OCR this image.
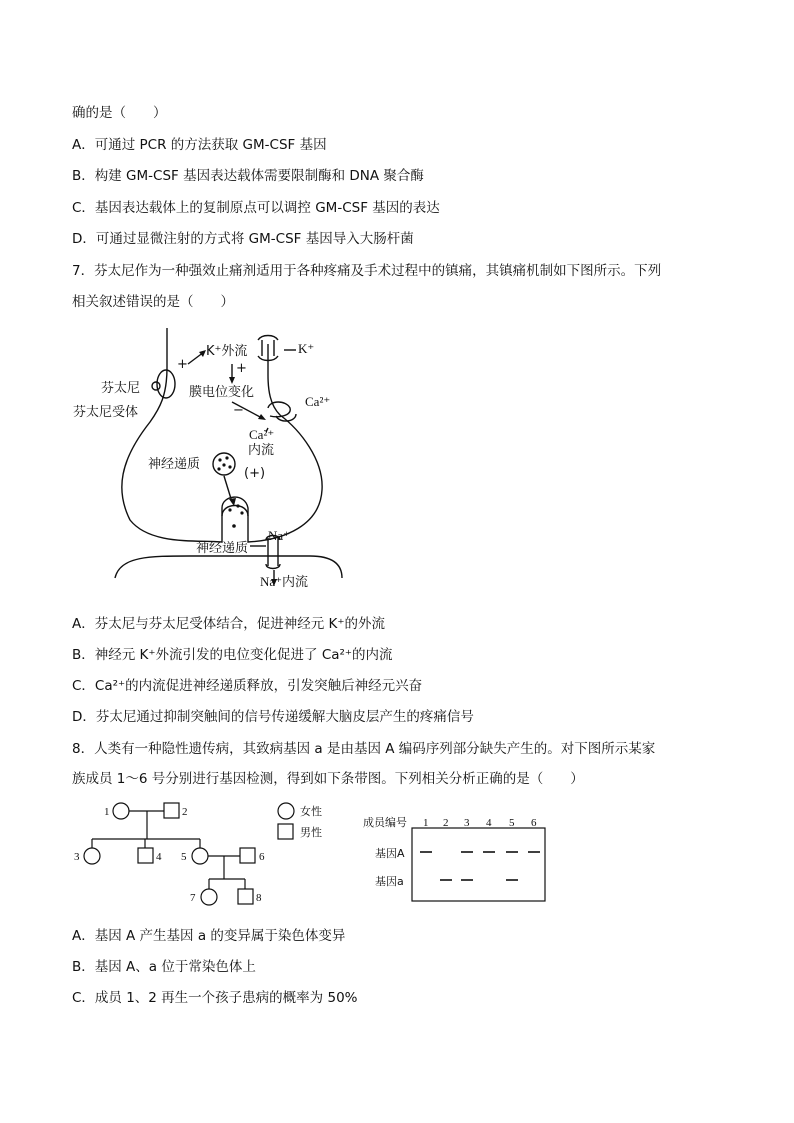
确的是（　　）
A．可通过 PCR 的方法获取 GM-CSF 基因
B．构建 GM-CSF 基因表达载体需要限制酶和 DNA 聚合酶
C．基因表达载体上的复制原点可以调控 GM-CSF 基因的表达
D．可通过显微注射的方式将 GM-CSF 基因导入大肠杆菌
7．芬太尼作为一种强效止痛剂适用于各种疼痛及手术过程中的镇痛，其镇痛机制如下图所示。下列
相关叙述错误的是（　　）
K⁺外流
+	+
K⁺
芬太尼
芬太尼受体
膜电位变化
−
Ca²⁺
Ca²⁺
内流
神经递质
(+)
神经递质
Na⁺
Na⁺内流
A．芬太尼与芬太尼受体结合，促进神经元 K⁺的外流
B．神经元 K⁺外流引发的电位变化促进了 Ca²⁺的内流
C．Ca²⁺的内流促进神经递质释放，引发突触后神经元兴奋
D．芬太尼通过抑制突触间的信号传递缓解大脑皮层产生的疼痛信号
8．人类有一种隐性遗传病，其致病基因 a 是由基因 A 编码序列部分缺失产生的。对下图所示某家
族成员 1～6 号分别进行基因检测，得到如下条带图。下列相关分析正确的是（　　）
1	2
3	4 5	6
7	8
女性
男性
成员编号 1 2 3 4 5 6
基因A
基因a
A．基因 A 产生基因 a 的变异属于染色体变异
B．基因 A、a 位于常染色体上
C．成员 1、2 再生一个孩子患病的概率为 50%
